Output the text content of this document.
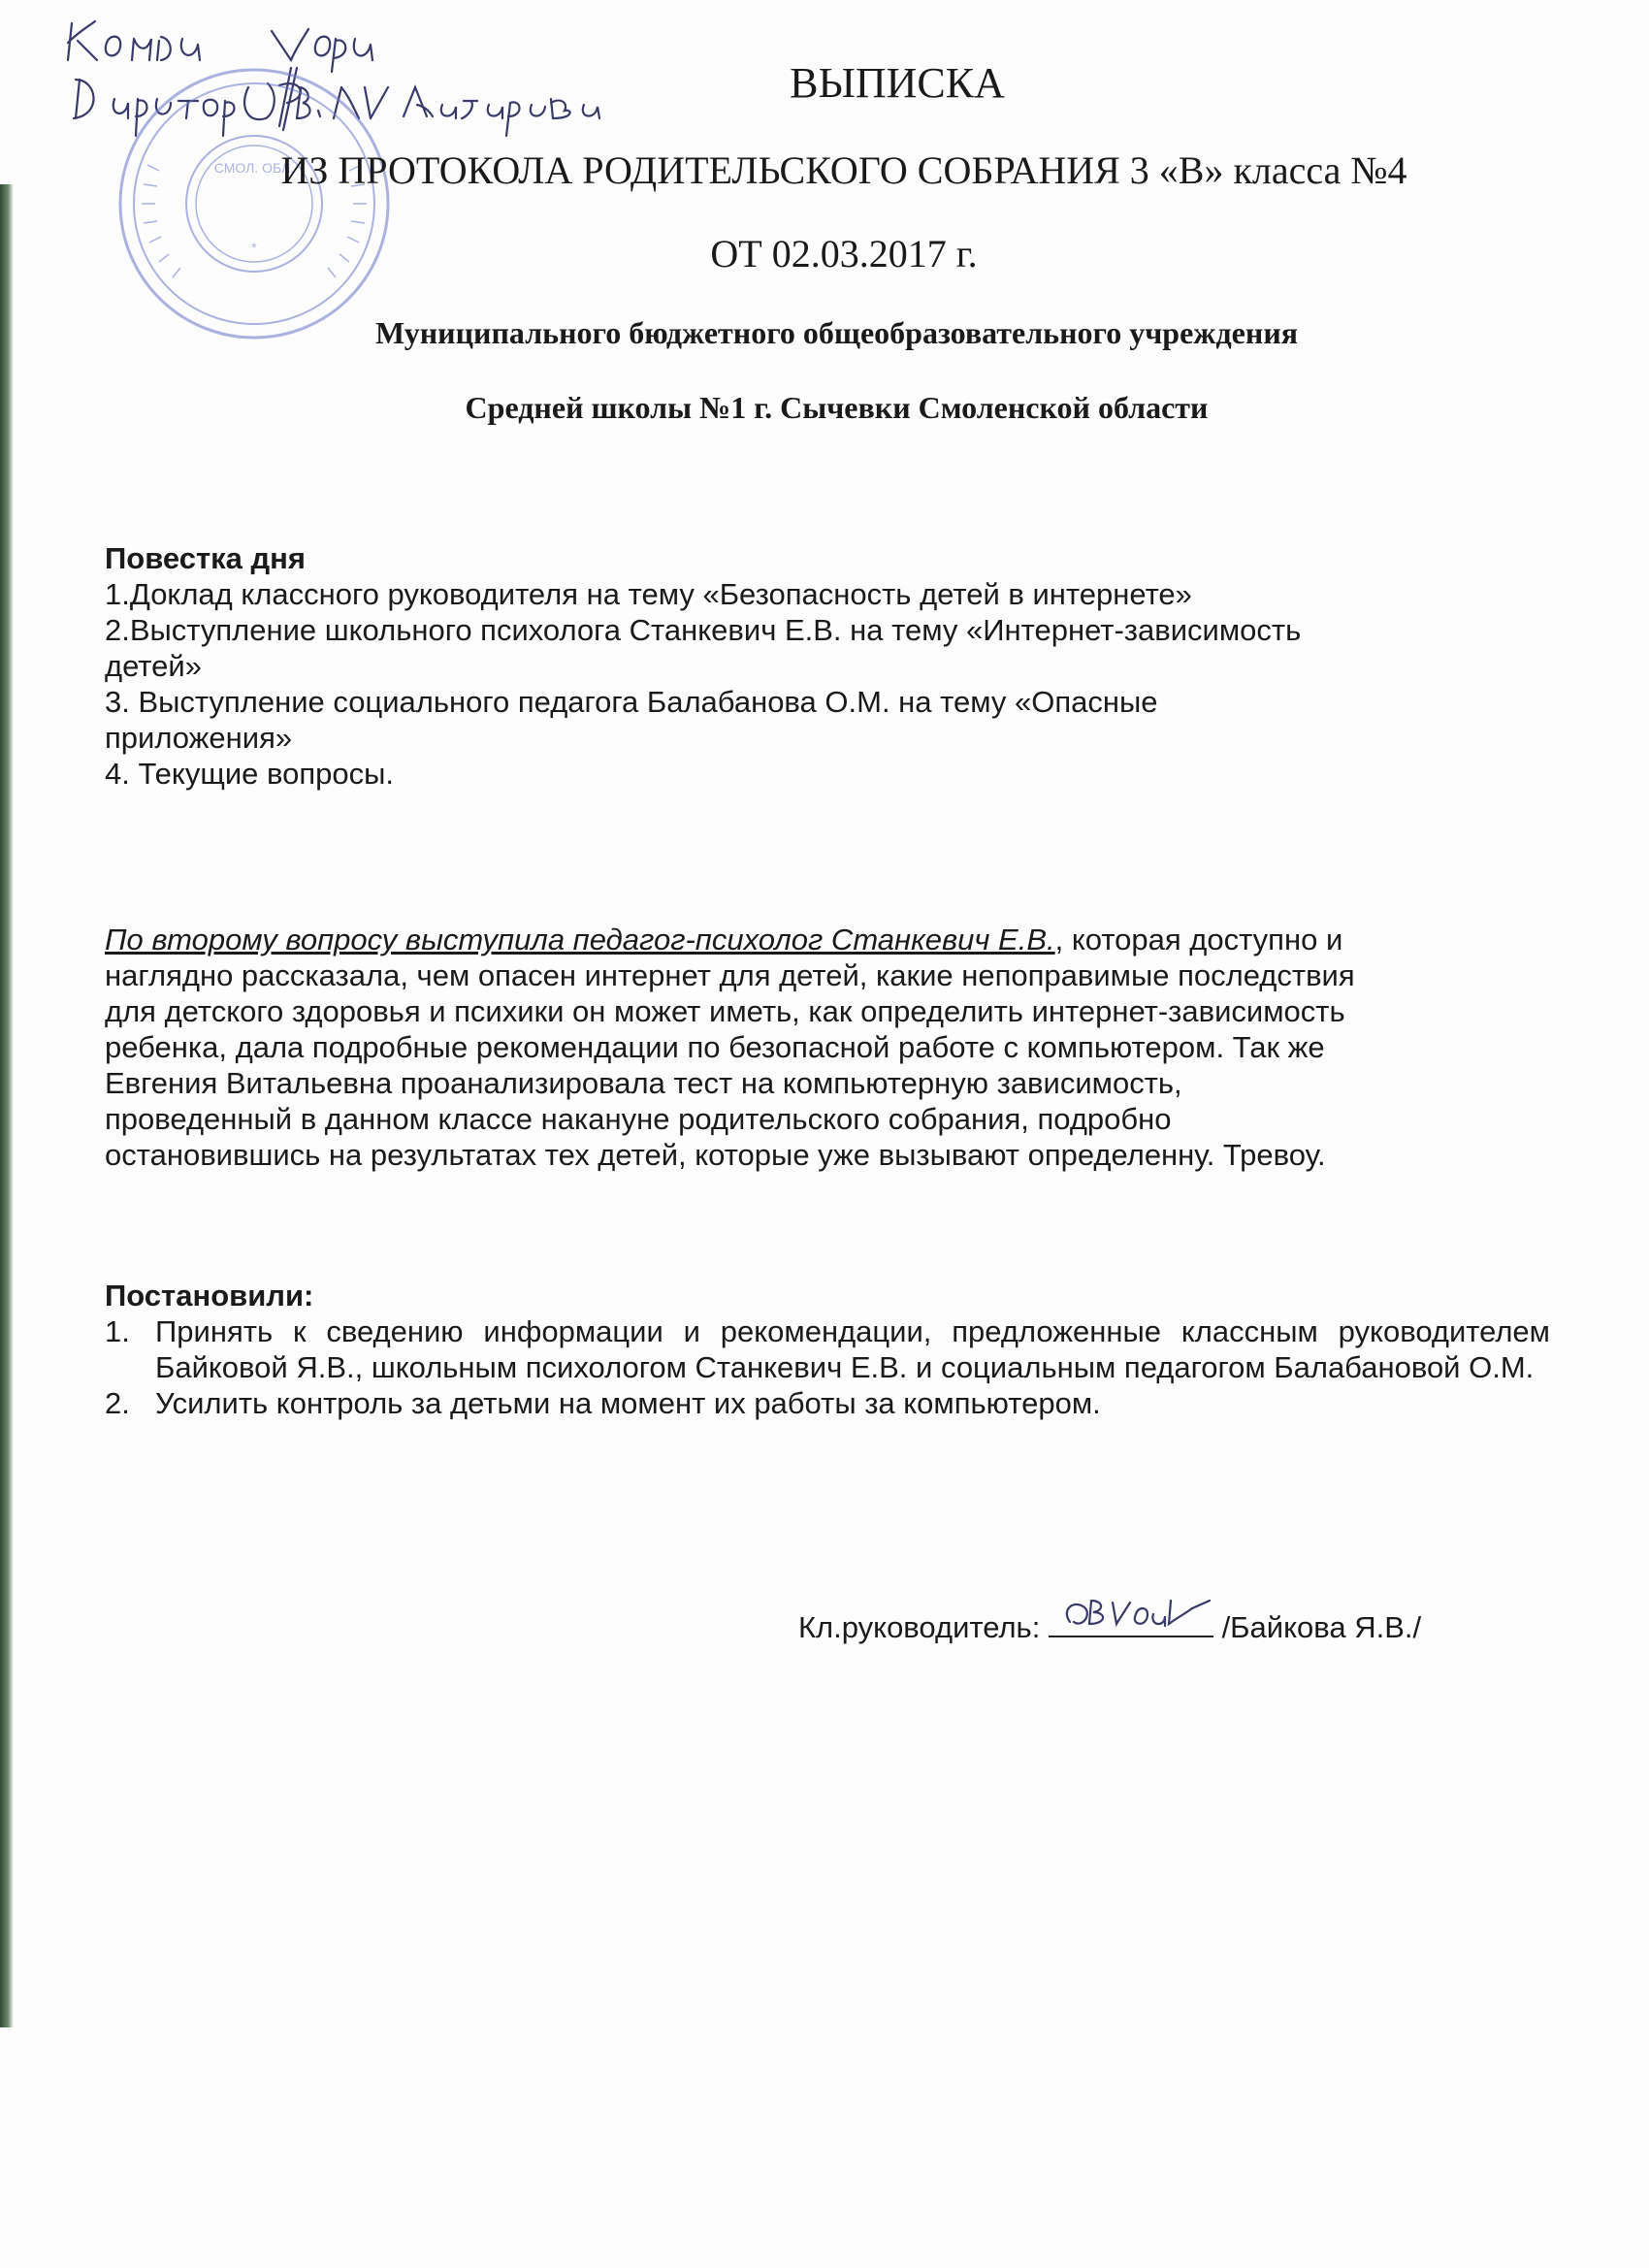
СМОЛ. ОБЛ.
*
ВЫПИСКА
ИЗ ПРОТОКОЛА РОДИТЕЛЬСКОГО СОБРАНИЯ 3 «В» класса №4
ОТ 02.03.2017 г.
Муниципального бюджетного общеобразовательного учреждения
Средней школы №1 г. Сычевки Смоленской области
Повестка дня
1.Доклад классного руководителя на тему «Безопасность детей в интернете»
2.Выступление школьного психолога Станкевич Е.В. на тему «Интернет-зависимость
детей»
3. Выступление социального педагога Балабанова О.М. на тему «Опасные
приложения»
4. Текущие вопросы.
По второму вопросу выступила педагог-психолог Станкевич Е.В., которая доступно и
наглядно рассказала, чем опасен интернет для детей, какие непоправимые последствия
для детского здоровья и психики он может иметь, как определить интернет-зависимость
ребенка, дала подробные рекомендации по безопасной работе с компьютером. Так же
Евгения Витальевна проанализировала тест на компьютерную зависимость,
проведенный в данном классе накануне родительского собрания, подробно
остановившись на результатах тех детей, которые уже вызывают определенну. Тревоу.
Постановили:
1. Принять к сведению информации и рекомендации, предложенные классным руководителем Байковой Я.В., школьным психологом Станкевич Е.В. и социальным педагогом Балабановой О.М.
2. Усилить контроль за детьми на момент их работы за компьютером.
Кл.руководитель:	/Байкова Я.В./
